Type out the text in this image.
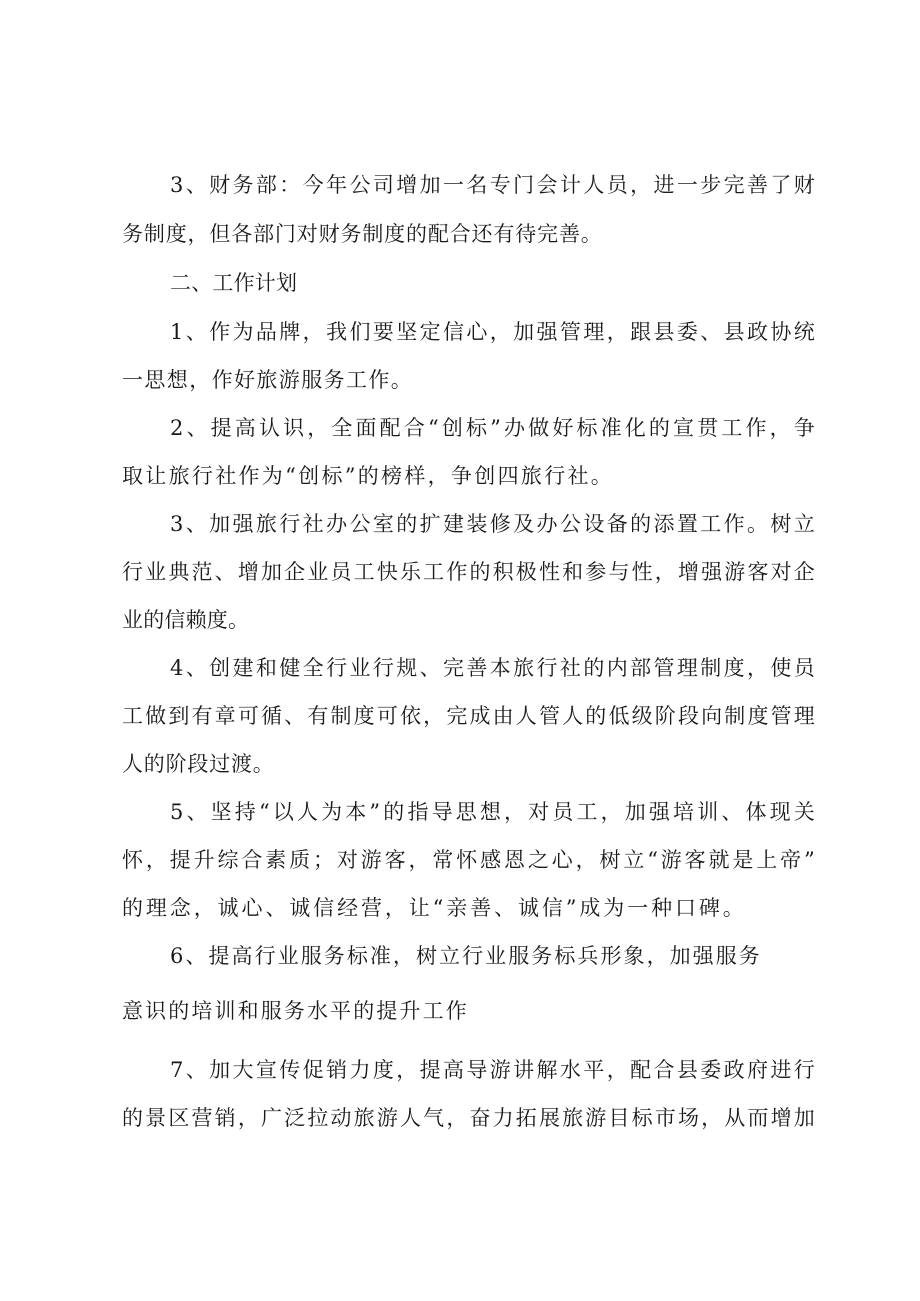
3、财务部：今年公司增加一名专门会计人员，进一步完善了财
务制度，但各部门对财务制度的配合还有待完善。
二、工作计划
1、作为品牌，我们要坚定信心，加强管理，跟县委、县政协统
一思想，作好旅游服务工作。
2、提高认识，全面配合“创标”办做好标准化的宣贯工作，争
取让旅行社作为“创标”的榜样，争创四旅行社。
3、加强旅行社办公室的扩建装修及办公设备的添置工作。树立
行业典范、增加企业员工快乐工作的积极性和参与性，增强游客对企
业的信赖度。
4、创建和健全行业行规、完善本旅行社的内部管理制度，使员
工做到有章可循、有制度可依，完成由人管人的低级阶段向制度管理
人的阶段过渡。
5、坚持“以人为本”的指导思想，对员工，加强培训、体现关
怀，提升综合素质；对游客，常怀感恩之心，树立“游客就是上帝”
的理念，诚心、诚信经营，让“亲善、诚信”成为一种口碑。
6、提高行业服务标准，树立行业服务标兵形象，加强服务
意识的培训和服务水平的提升工作
7、加大宣传促销力度，提高导游讲解水平，配合县委政府进行
的景区营销，广泛拉动旅游人气，奋力拓展旅游目标市场，从而增加
